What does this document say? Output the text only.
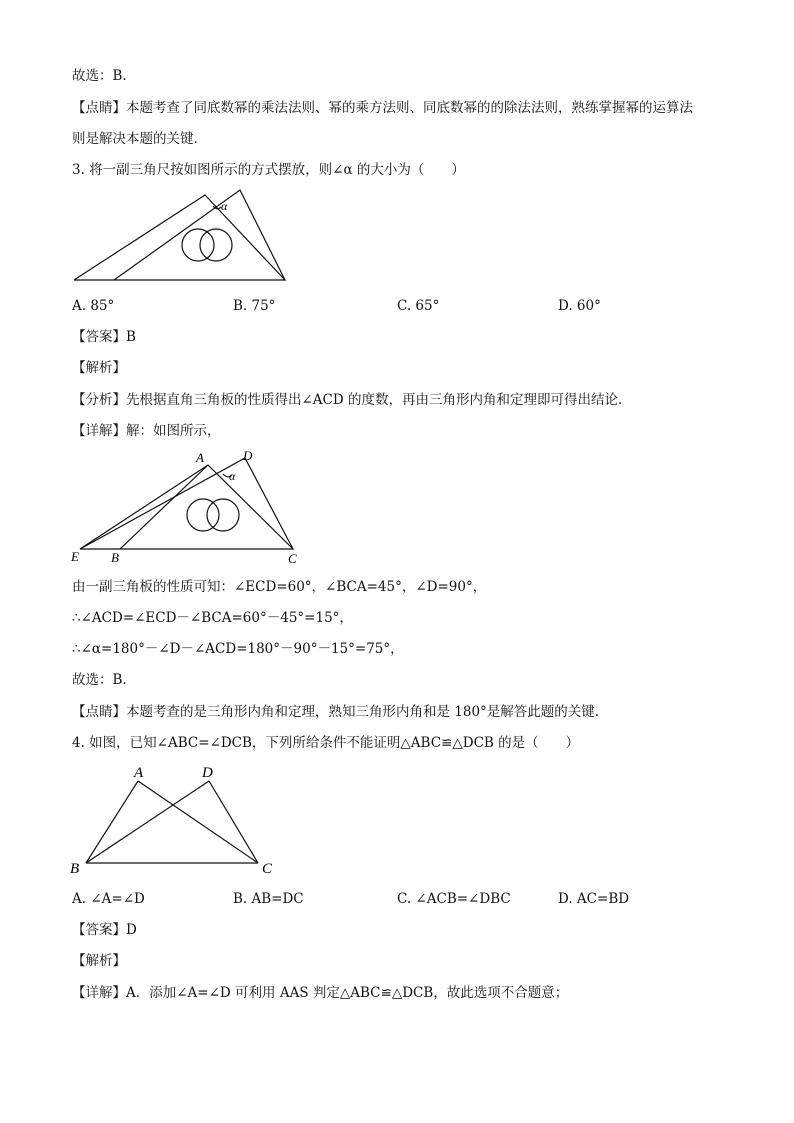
故选：B．
【点睛】本题考查了同底数幂的乘法法则、幂的乘方法则、同底数幂的的除法法则，熟练掌握幂的运算法
则是解决本题的关键．
3. 将一副三角尺按如图所示的方式摆放，则∠α 的大小为（　　）
α
A. 85°	B. 75°	C. 65°	D. 60°
【答案】B
【解析】
【分析】先根据直角三角板的性质得出∠ACD 的度数，再由三角形内角和定理即可得出结论．
【详解】解：如图所示，
A	D
E B	C
α
由一副三角板的性质可知：∠ECD=60°，∠BCA=45°，∠D=90°，
∴∠ACD=∠ECD－∠BCA=60°－45°=15°，
∴∠α=180°－∠D－∠ACD=180°－90°－15°=75°，
故选：B．
【点睛】本题考查的是三角形内角和定理，熟知三角形内角和是 180°是解答此题的关键．
4. 如图，已知∠ABC=∠DCB，下列所给条件不能证明△ABC≌△DCB 的是（　　）
A	D
B	C
A. ∠A=∠D	B. AB=DC	C. ∠ACB=∠DBC	D. AC=BD
【答案】D
【解析】
【详解】A．添加∠A=∠D 可利用 AAS 判定△ABC≌△DCB，故此选项不合题意；
